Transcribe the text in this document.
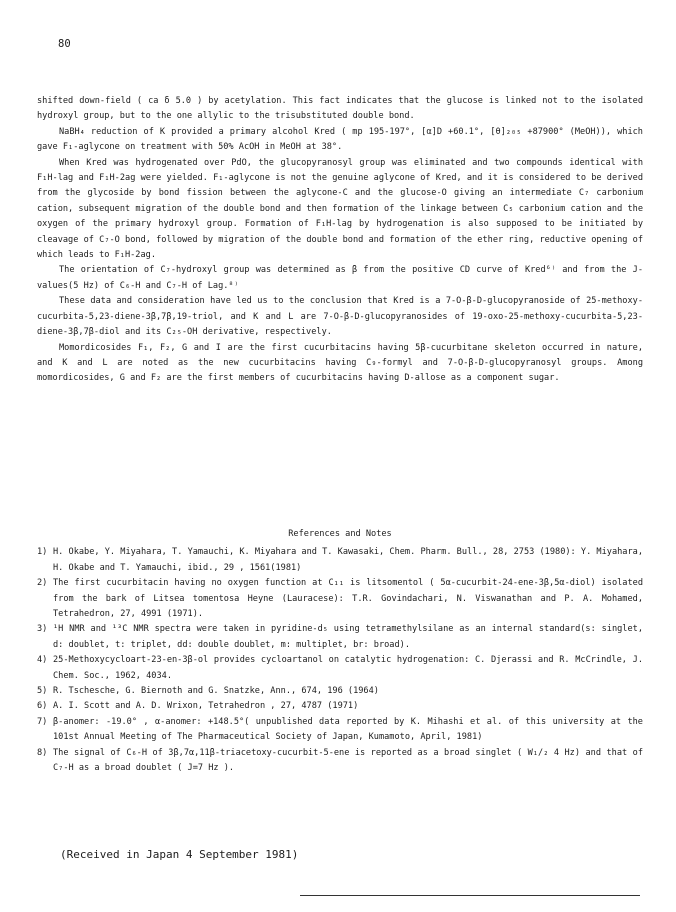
80

shifted down-field ( ca δ 5.0 ) by acetylation. This fact indicates that the glucose is linked not to the isolated hydroxyl group, but to the one allylic to the trisubstituted double bond.

NaBH₄ reduction of K provided a primary alcohol Kred ( mp 195-197°, [α]D +60.1°, [θ]₂₀₅ +87900° (MeOH)), which gave F₁-aglycone on treatment with 50% AcOH in MeOH at 38°.

When Kred was hydrogenated over PdO, the glucopyranosyl group was eliminated and two compounds identical with F₁H-lag and F₁H-2ag were yielded. F₁-aglycone is not the genuine aglycone of Kred, and it is considered to be derived from the glycoside by bond fission between the aglycone-C and the glucose-O giving an intermediate C₇ carbonium cation, subsequent migration of the double bond and then formation of the linkage between C₅ carbonium cation and the oxygen of the primary hydroxyl group. Formation of F₁H-lag by hydrogenation is also supposed to be initiated by cleavage of C₇-O bond, followed by migration of the double bond and formation of the ether ring, reductive opening of which leads to F₁H-2ag.

The orientation of C₇-hydroxyl group was determined as β from the positive CD curve of Kred⁶⁾ and from the J-values(5 Hz) of C₆-H and C₇-H of Lag.⁸⁾

These data and consideration have led us to the conclusion that Kred is a 7-O-β-D-glucopyranoside of 25-methoxy-cucurbita-5,23-diene-3β,7β,19-triol, and K and L are 7-O-β-D-glucopyranosides of 19-oxo-25-methoxy-cucurbita-5,23-diene-3β,7β-diol and its C₂₅-OH derivative, respectively.

Momordicosides F₁, F₂, G and I are the first cucurbitacins having 5β-cucurbitane skeleton occurred in nature, and K and L are noted as the new cucurbitacins having C₉-formyl and 7-O-β-D-glucopyranosyl groups. Among momordicosides, G and F₂ are the first members of cucurbitacins having D-allose as a component sugar.

References and Notes

1) H. Okabe, Y. Miyahara, T. Yamauchi, K. Miyahara and T. Kawasaki, Chem. Pharm. Bull., 28, 2753 (1980): Y. Miyahara, H. Okabe and T. Yamauchi, ibid., 29 , 1561(1981)
2) The first cucurbitacin having no oxygen function at C₁₁ is litsomentol ( 5α-cucurbit-24-ene-3β,5α-diol) isolated from the bark of Litsea tomentosa Heyne (Lauracese): T.R. Govindachari, N. Viswanathan and P. A. Mohamed, Tetrahedron, 27, 4991 (1971).
3) ¹H NMR and ¹³C NMR spectra were taken in pyridine-d₅ using tetramethylsilane as an internal standard(s: singlet, d: doublet, t: triplet, dd: double doublet, m: multiplet, br: broad).
4) 25-Methoxycycloart-23-en-3β-ol provides cycloartanol on catalytic hydrogenation: C. Djerassi and R. McCrindle, J. Chem. Soc., 1962, 4034.
5) R. Tschesche, G. Biernoth and G. Snatzke, Ann., 674, 196 (1964)
6) A. I. Scott and A. D. Wrixon, Tetrahedron , 27, 4787 (1971)
7) β-anomer: -19.0° , α-anomer: +148.5°( unpublished data reported by K. Mihashi et al. of this university at the 101st Annual Meeting of The Pharmaceutical Society of Japan, Kumamoto, April, 1981)
8) The signal of C₆-H of 3β,7α,11β-triacetoxy-cucurbit-5-ene is reported as a broad singlet ( W₁/₂ 4 Hz) and that of C₇-H as a broad doublet ( J=7 Hz ).
(Received in Japan 4 September 1981)
